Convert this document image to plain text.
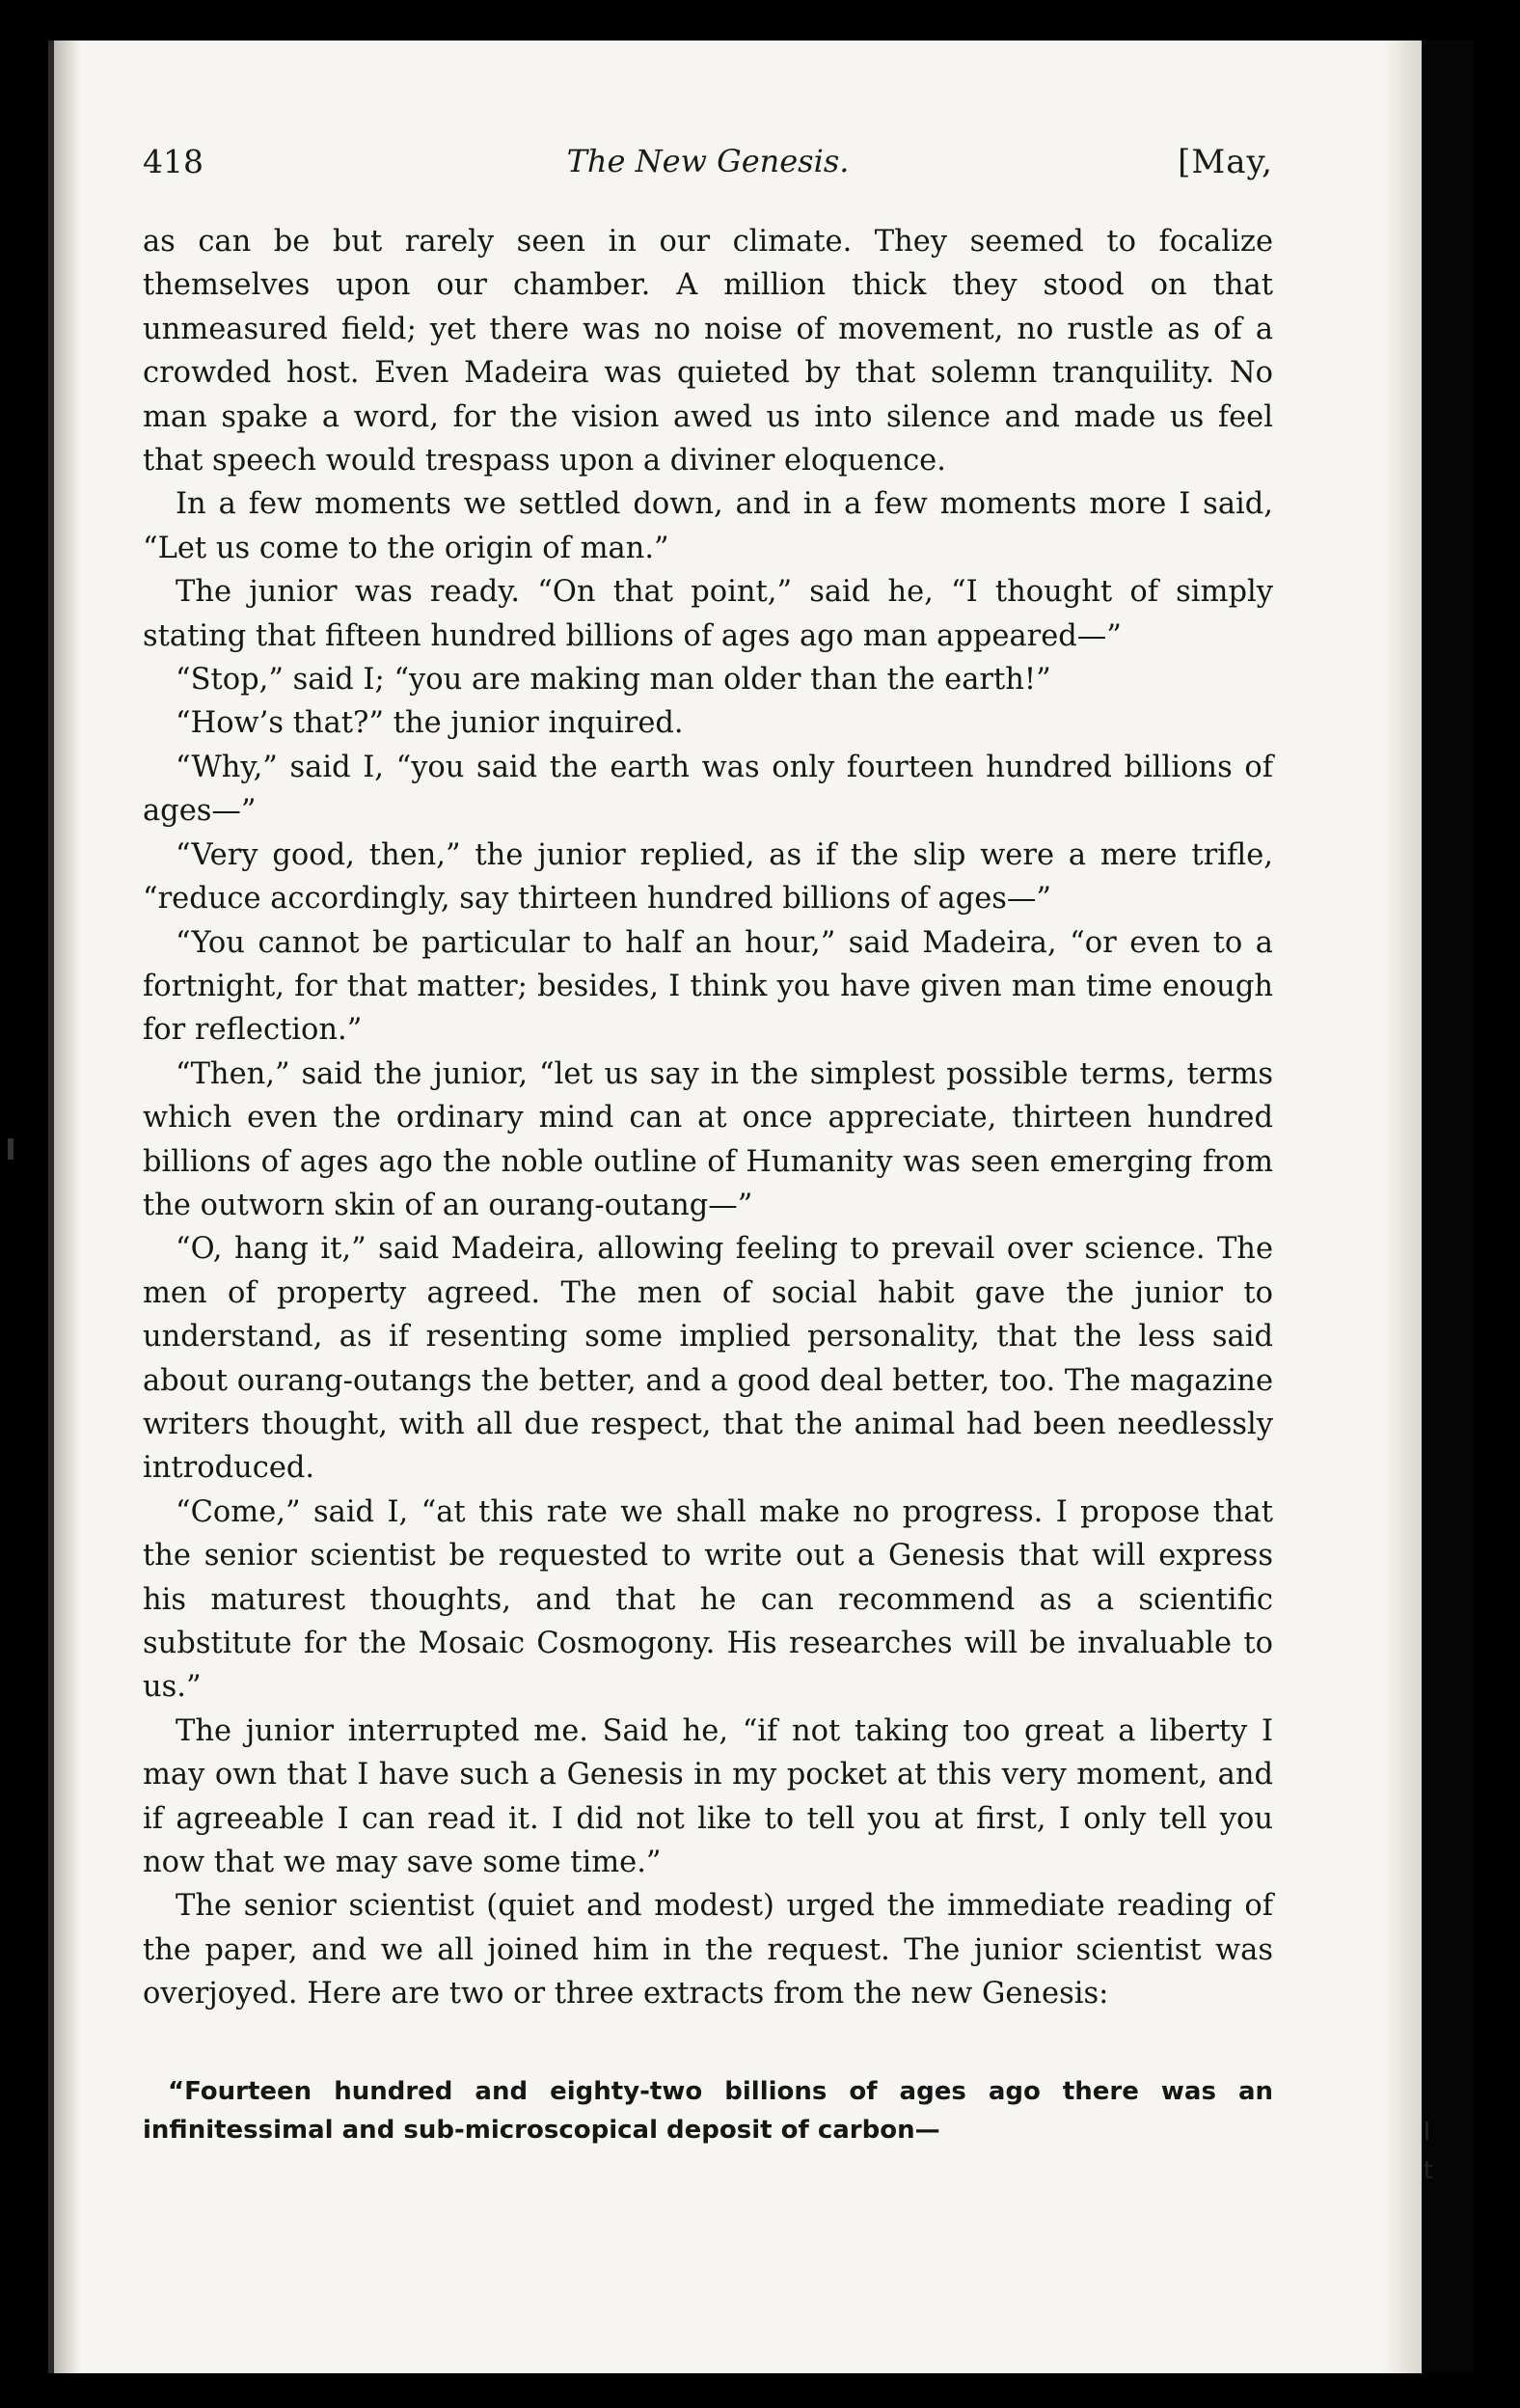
418	The New Genesis.	[May,

as can be but rarely seen in our climate. They seemed to focalize themselves upon our chamber. A million thick they stood on that unmeasured field; yet there was no noise of movement, no rustle as of a crowded host. Even Madeira was quieted by that solemn tranquility. No man spake a word, for the vision awed us into silence and made us feel that speech would trespass upon a diviner eloquence.

In a few moments we settled down, and in a few moments more I said, “Let us come to the origin of man.”

The junior was ready. “On that point,” said he, “I thought of simply stating that fifteen hundred billions of ages ago man appeared—”

“Stop,” said I; “you are making man older than the earth!”

“How’s that?” the junior inquired.

“Why,” said I, “you said the earth was only fourteen hundred billions of ages—”

“Very good, then,” the junior replied, as if the slip were a mere trifle, “reduce accordingly, say thirteen hundred billions of ages—”

“You cannot be particular to half an hour,” said Madeira, “or even to a fortnight, for that matter; besides, I think you have given man time enough for reflection.”

“Then,” said the junior, “let us say in the simplest possible terms, terms which even the ordinary mind can at once appreciate, thirteen hundred billions of ages ago the noble outline of Humanity was seen emerging from the outworn skin of an ourang-outang—”

“O, hang it,” said Madeira, allowing feeling to prevail over science. The men of property agreed. The men of social habit gave the junior to understand, as if resenting some implied personality, that the less said about ourang-outangs the better, and a good deal better, too. The magazine writers thought, with all due respect, that the animal had been needlessly introduced.

“Come,” said I, “at this rate we shall make no progress. I propose that the senior scientist be requested to write out a Genesis that will express his maturest thoughts, and that he can recommend as a scientific substitute for the Mosaic Cosmogony. His researches will be invaluable to us.”

The junior interrupted me. Said he, “if not taking too great a liberty I may own that I have such a Genesis in my pocket at this very moment, and if agreeable I can read it. I did not like to tell you at first, I only tell you now that we may save some time.”

The senior scientist (quiet and modest) urged the immediate reading of the paper, and we all joined him in the request. The junior scientist was overjoyed. Here are two or three extracts from the new Genesis:

“Fourteen hundred and eighty-two billions of ages ago there was an infinitessimal and sub-microscopical deposit of carbon—	I
t
